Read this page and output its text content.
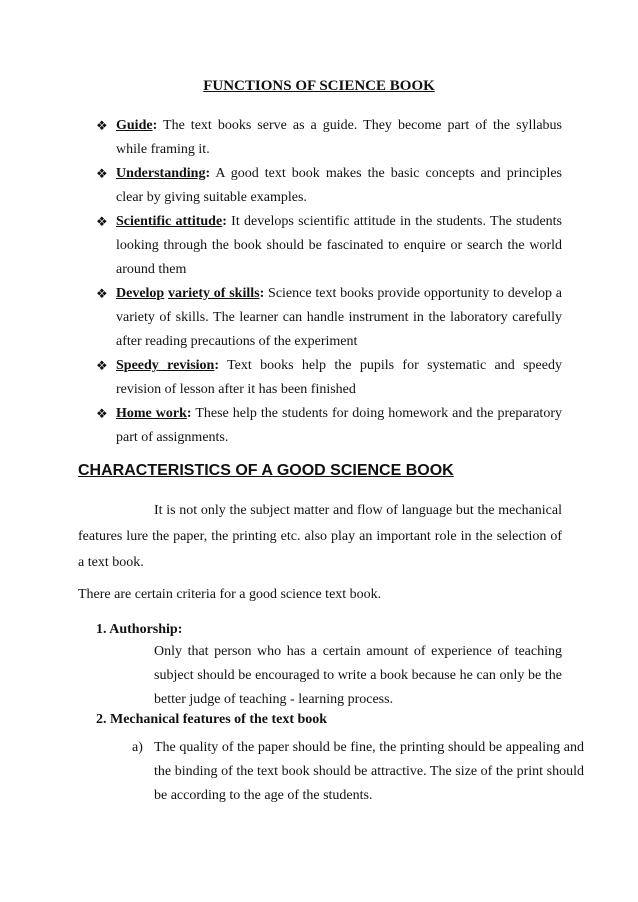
FUNCTIONS OF SCIENCE BOOK
❖ Guide: The text books serve as a guide. They become part of the syllabus while framing it.
❖ Understanding: A good text book makes the basic concepts and principles clear by giving suitable examples.
❖ Scientific attitude: It develops scientific attitude in the students. The students looking through the book should be fascinated to enquire or search the world around them
❖ Develop variety of skills: Science text books provide opportunity to develop a variety of skills. The learner can handle instrument in the laboratory carefully after reading precautions of the experiment
❖ Speedy revision: Text books help the pupils for systematic and speedy revision of lesson after it has been finished
❖ Home work: These help the students for doing homework and the preparatory part of assignments.
CHARACTERISTICS OF A GOOD SCIENCE BOOK

It is not only the subject matter and flow of language but the mechanical features lure the paper, the printing etc. also play an important role in the selection of a text book.

There are certain criteria for a good science text book.

1. Authorship:

Only that person who has a certain amount of experience of teaching subject should be encouraged to write a book because he can only be the better judge of teaching - learning process.

2. Mechanical features of the text book

a) The quality of the paper should be fine, the printing should be appealing and the binding of the text book should be attractive. The size of the print should be according to the age of the students.
